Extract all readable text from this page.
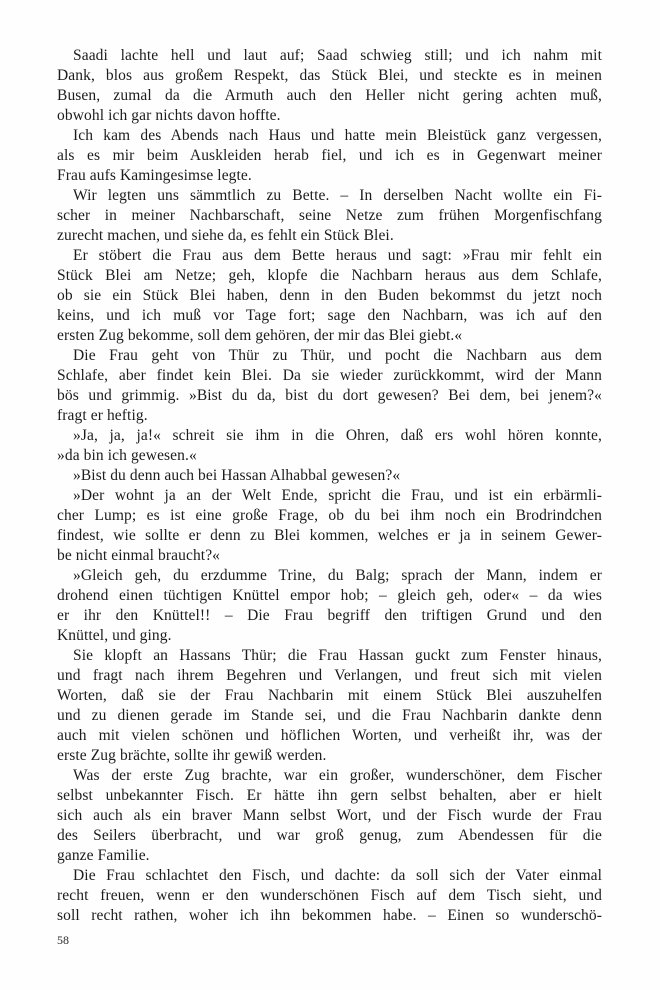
Saadi lachte hell und laut auf; Saad schwieg still; und ich nahm mit
Dank, blos aus großem Respekt, das Stück Blei, und steckte es in meinen
Busen, zumal da die Armuth auch den Heller nicht gering achten muß,
obwohl ich gar nichts davon hoffte.
Ich kam des Abends nach Haus und hatte mein Bleistück ganz vergessen,
als es mir beim Auskleiden herab fiel, und ich es in Gegenwart meiner
Frau aufs Kamingesimse legte.
Wir legten uns sämmtlich zu Bette. – In derselben Nacht wollte ein Fi-
scher in meiner Nachbarschaft, seine Netze zum frühen Morgenfischfang
zurecht machen, und siehe da, es fehlt ein Stück Blei.
Er stöbert die Frau aus dem Bette heraus und sagt: »Frau mir fehlt ein
Stück Blei am Netze; geh, klopfe die Nachbarn heraus aus dem Schlafe,
ob sie ein Stück Blei haben, denn in den Buden bekommst du jetzt noch
keins, und ich muß vor Tage fort; sage den Nachbarn, was ich auf den
ersten Zug bekomme, soll dem gehören, der mir das Blei giebt.«
Die Frau geht von Thür zu Thür, und pocht die Nachbarn aus dem
Schlafe, aber findet kein Blei. Da sie wieder zurückkommt, wird der Mann
bös und grimmig. »Bist du da, bist du dort gewesen? Bei dem, bei jenem?«
fragt er heftig.
»Ja, ja, ja!« schreit sie ihm in die Ohren, daß ers wohl hören konnte,
»da bin ich gewesen.«
»Bist du denn auch bei Hassan Alhabbal gewesen?«
»Der wohnt ja an der Welt Ende, spricht die Frau, und ist ein erbärmli-
cher Lump; es ist eine große Frage, ob du bei ihm noch ein Brodrindchen
findest, wie sollte er denn zu Blei kommen, welches er ja in seinem Gewer-
be nicht einmal braucht?«
»Gleich geh, du erzdumme Trine, du Balg; sprach der Mann, indem er
drohend einen tüchtigen Knüttel empor hob; – gleich geh, oder« – da wies
er ihr den Knüttel!! – Die Frau begriff den triftigen Grund und den
Knüttel, und ging.
Sie klopft an Hassans Thür; die Frau Hassan guckt zum Fenster hinaus,
und fragt nach ihrem Begehren und Verlangen, und freut sich mit vielen
Worten, daß sie der Frau Nachbarin mit einem Stück Blei auszuhelfen
und zu dienen gerade im Stande sei, und die Frau Nachbarin dankte denn
auch mit vielen schönen und höflichen Worten, und verheißt ihr, was der
erste Zug brächte, sollte ihr gewiß werden.
Was der erste Zug brachte, war ein großer, wunderschöner, dem Fischer
selbst unbekannter Fisch. Er hätte ihn gern selbst behalten, aber er hielt
sich auch als ein braver Mann selbst Wort, und der Fisch wurde der Frau
des Seilers überbracht, und war groß genug, zum Abendessen für die
ganze Familie.
Die Frau schlachtet den Fisch, und dachte: da soll sich der Vater einmal
recht freuen, wenn er den wunderschönen Fisch auf dem Tisch sieht, und
soll recht rathen, woher ich ihn bekommen habe. – Einen so wunderschö-
58
